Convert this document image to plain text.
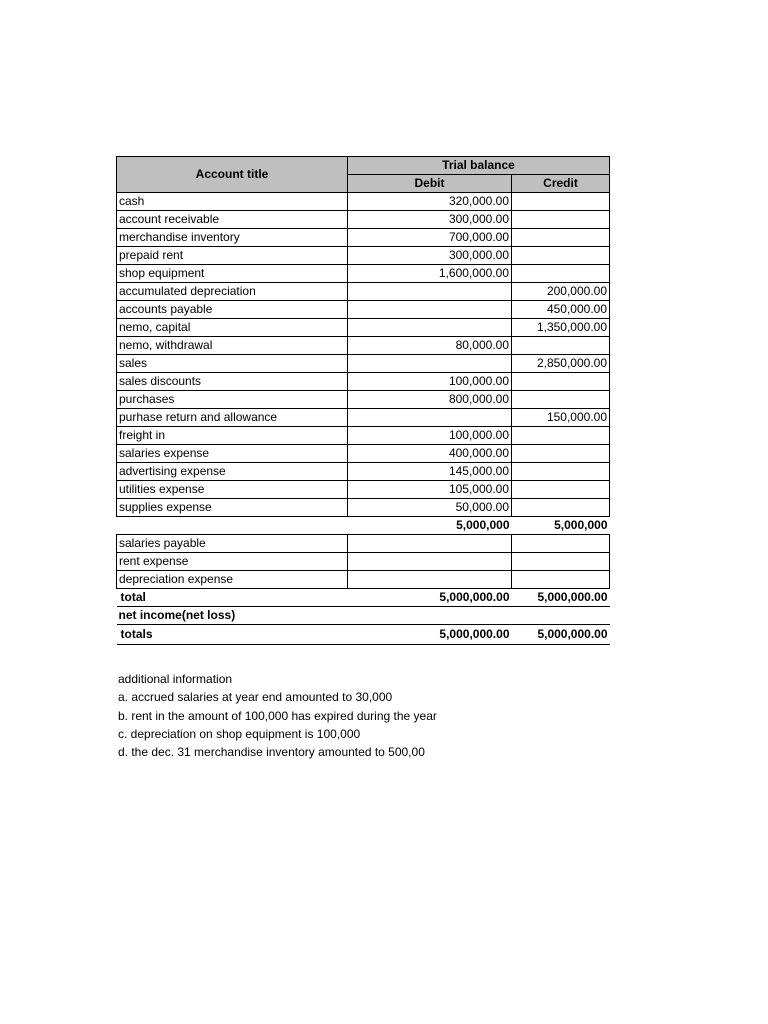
Account title	Trial balance	
	Debit	Credit
cash	320,000.00	
account receivable	300,000.00	
merchandise inventory	700,000.00	
prepaid rent	300,000.00	
shop equipment	1,600,000.00	
accumulated depreciation		200,000.00
accounts payable		450,000.00
nemo, capital		1,350,000.00
nemo, withdrawal	80,000.00	
sales		2,850,000.00
sales discounts	100,000.00	
purchases	800,000.00	
purhase return and allowance		150,000.00
freight in	100,000.00	
salaries expense	400,000.00	
advertising expense	145,000.00	
utilities expense	105,000.00	
supplies expense	50,000.00	
	5,000,000	5,000,000
salaries payable		
rent expense		
depreciation expense		
total	5,000,000.00	5,000,000.00
net income(net loss)		
totals	5,000,000.00	5,000,000.00
additional information
a. accrued salaries at year end amounted to 30,000
b. rent in the amount of 100,000 has expired during the year
c. depreciation on shop equipment is 100,000
d. the dec. 31 merchandise inventory amounted to 500,00
